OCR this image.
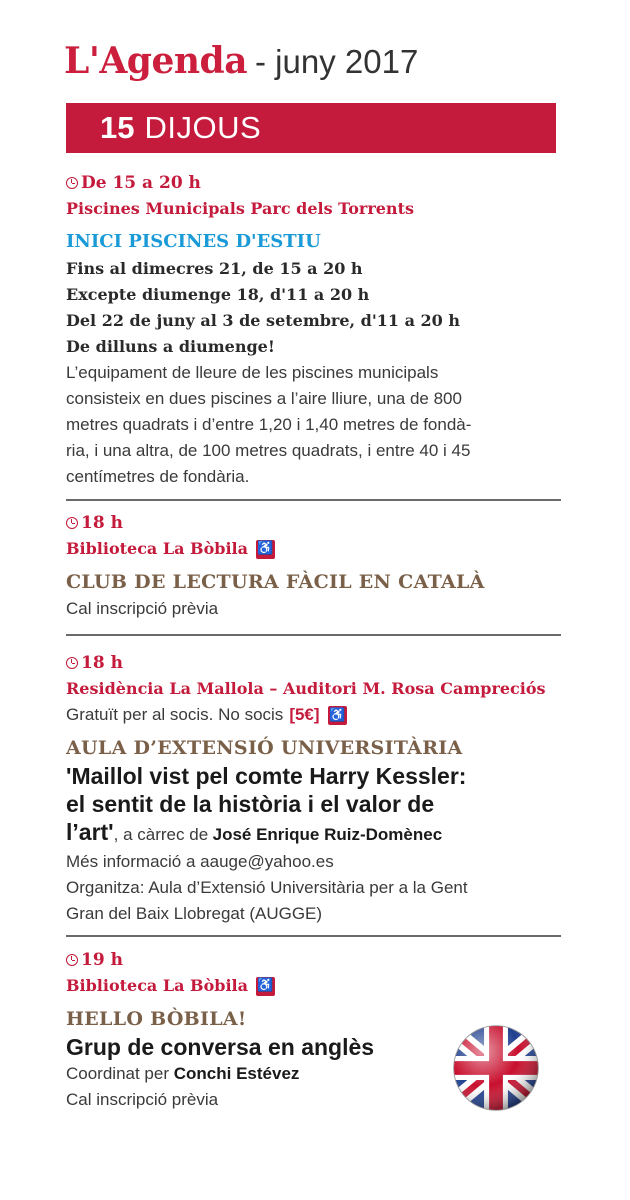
L'Agenda - juny 2017
15 DIJOUS
De 15 a 20 h
Piscines Municipals Parc dels Torrents
INICI PISCINES D'ESTIU
Fins al dimecres 21, de 15 a 20 h
Excepte diumenge 18, d'11 a 20 h
Del 22 de juny al 3 de setembre, d'11 a 20 h
De dilluns a diumenge!
L’equipament de lleure de les piscines municipals
consisteix en dues piscines a l’aire lliure, una de 800
metres quadrats i d’entre 1,20 i 1,40 metres de fondà-
ria, i una altra, de 100 metres quadrats, i entre 40 i 45
centímetres de fondària.
18 h
Biblioteca La Bòbila ♿
CLUB DE LECTURA FÀCIL EN CATALÀ
Cal inscripció prèvia
18 h
Residència La Mallola – Auditori M. Rosa Campreciós
Gratuït per al socis. No socis [5€] ♿
AULA D’EXTENSIÓ UNIVERSITÀRIA
'Maillol vist pel comte Harry Kessler:
el sentit de la història i el valor de
l’art', a càrrec de José Enrique Ruiz-Domènec
Més informació a aauge@yahoo.es
Organitza: Aula d’Extensió Universitària per a la Gent
Gran del Baix Llobregat (AUGGE)
19 h
Biblioteca La Bòbila ♿
HELLO BÒBILA!
Grup de conversa en anglès
Coordinat per Conchi Estévez
Cal inscripció prèvia
